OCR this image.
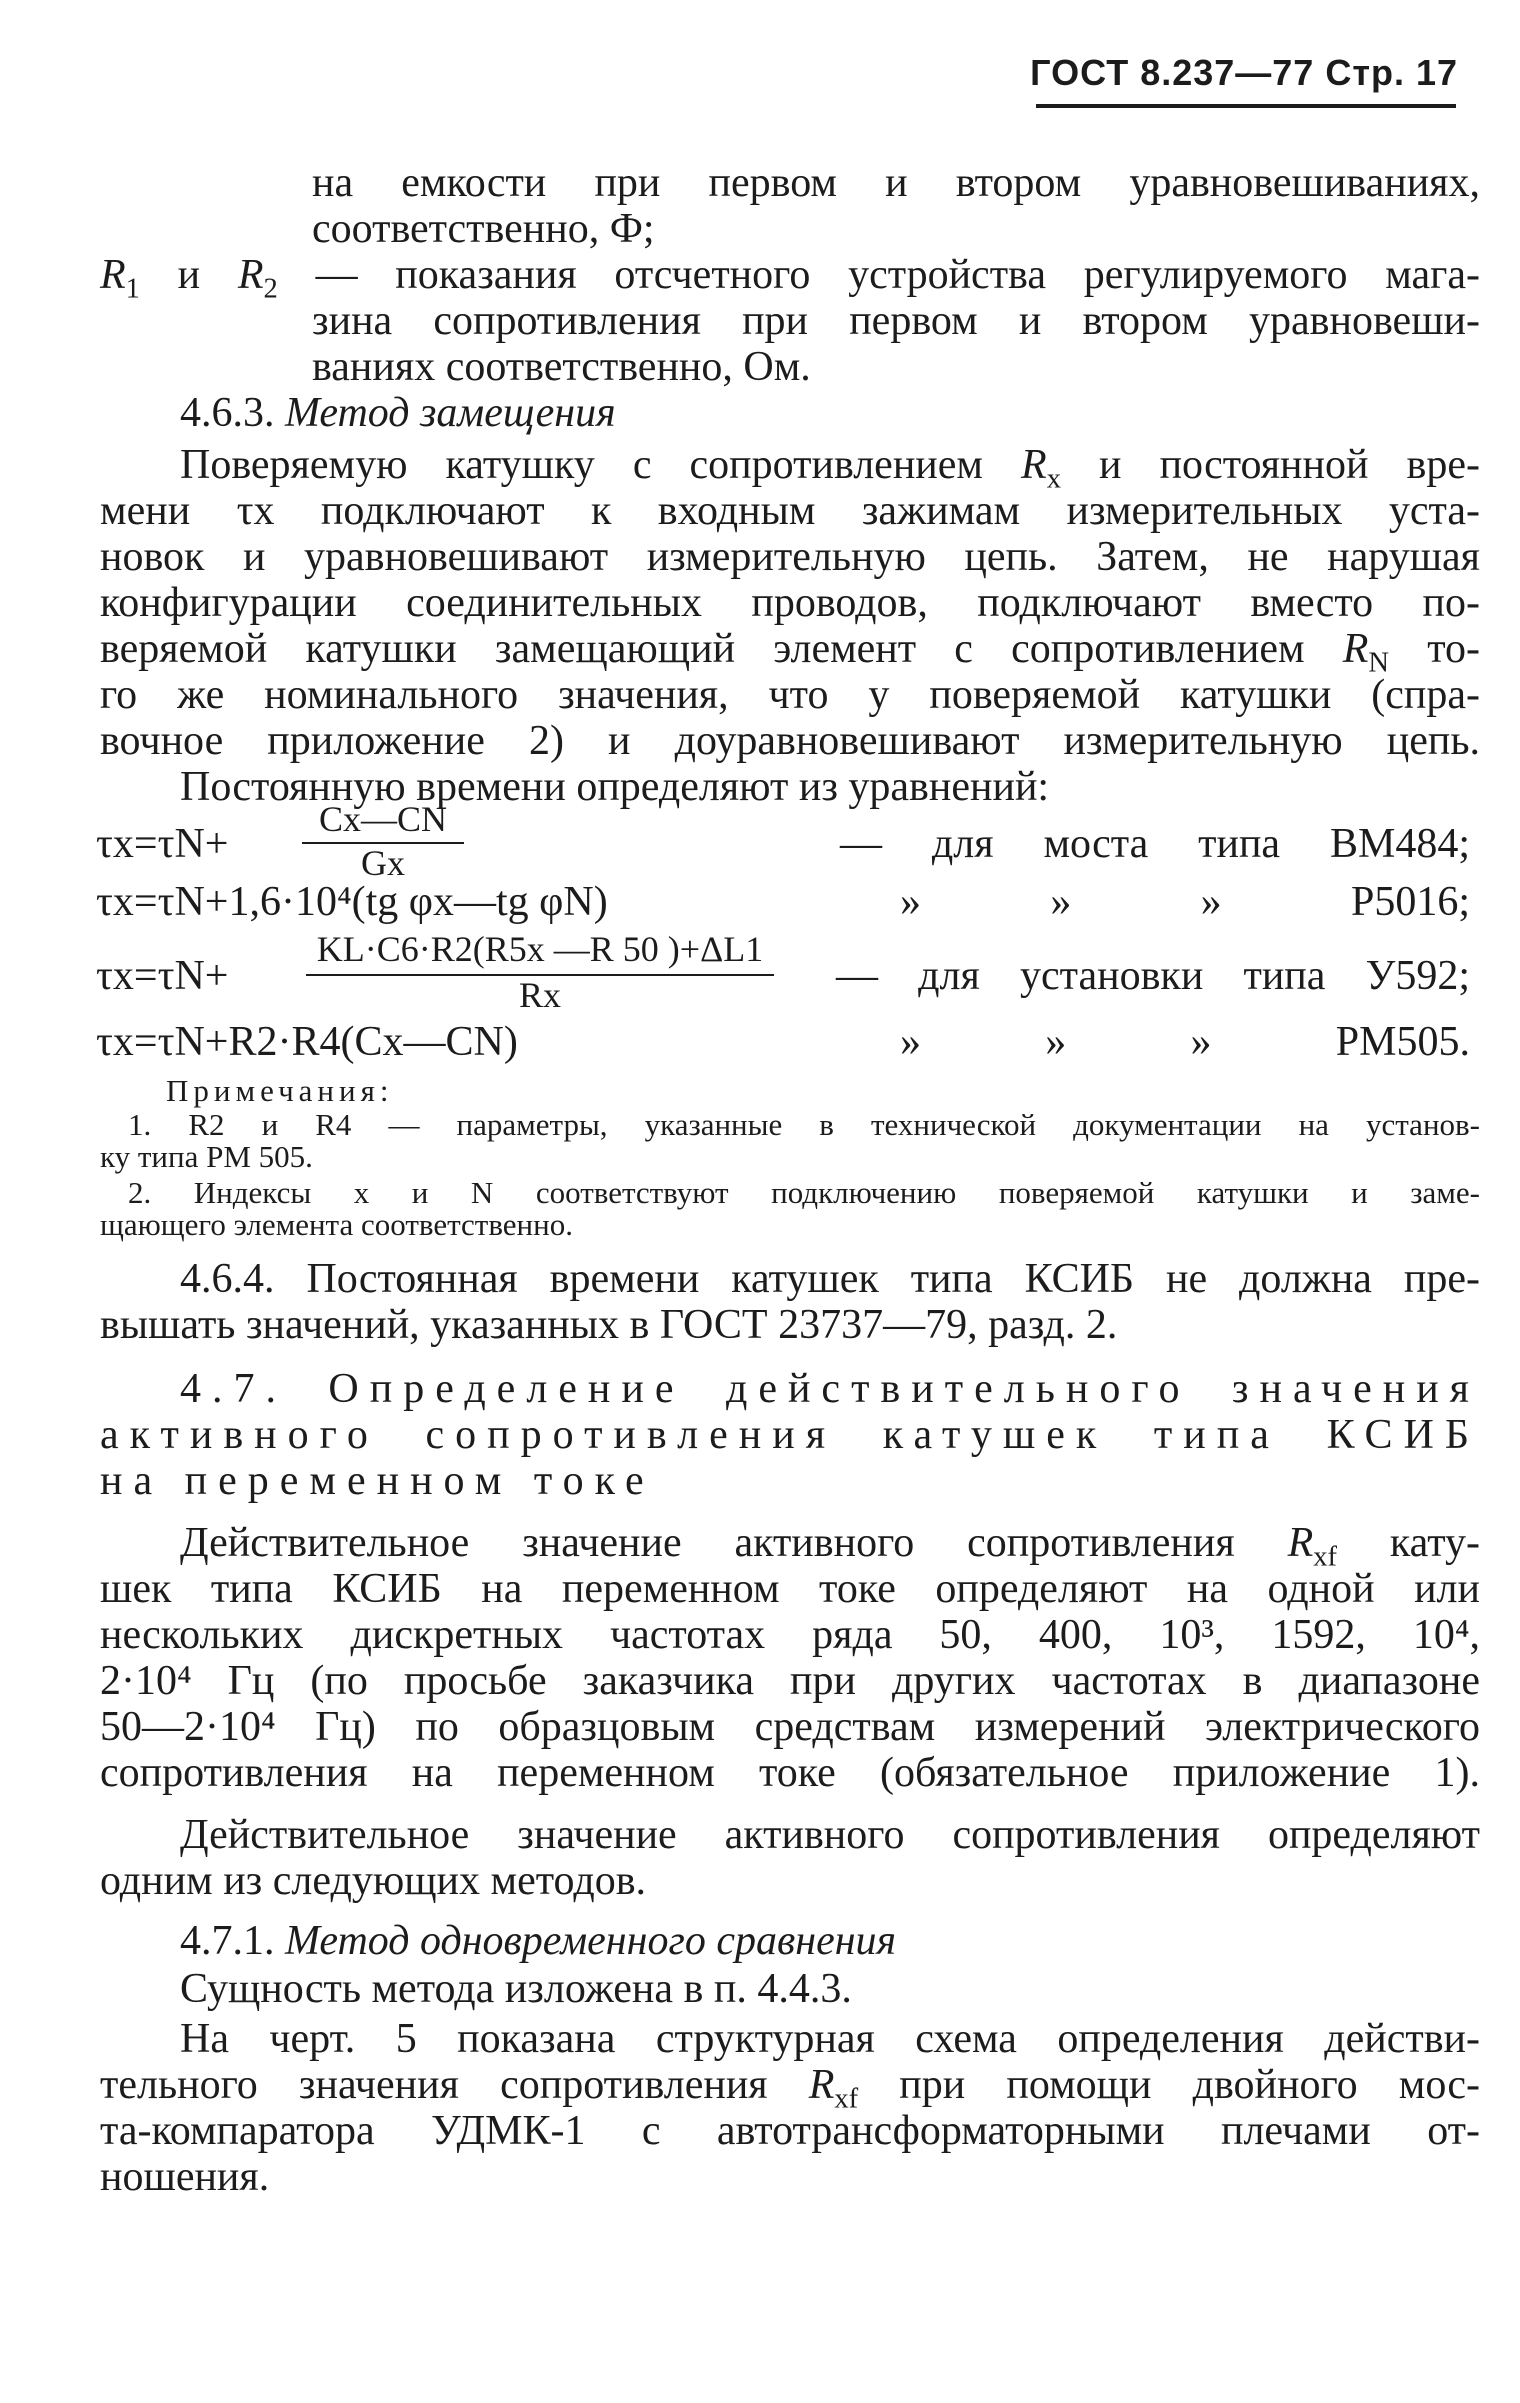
ГОСТ 8.237—77 Стр. 17
на емкости при первом и втором уравновешиваниях,
соответственно, Ф;
$R_1$ и $R_2$ — показания отсчетного устройства регулируемого мага-
зина сопротивления при первом и втором уравновеши-
ваниях соответственно, Ом.
4.6.3. Метод замещения
Поверяемую катушку с сопротивлением $R_x$ и постоянной вре-
мени τx подключают к входным зажимам измерительных уста-
новок и уравновешивают измерительную цепь. Затем, не нарушая
конфигурации соединительных проводов, подключают вместо по-
веряемой катушки замещающий элемент с сопротивлением $R_N$ то-
го же номинального значения, что у поверяемой катушки (спра-
вочное приложение 2) и доуравновешивают измерительную цепь.
Постоянную времени определяют из уравнений:
τx=τN+
Cx—CN
Gx	— для моста типа ВМ484;
τx=τN+1,6·10⁴(tg φx—tg φN)	» » » Р5016;
τx=τN+
KL·C6·R2(R5x —R 50 )+ΔL1
Rx	— для установки типа У592;
τx=τN+R2·R4(Cx—CN)	» » » РМ505.
Примечания:
1. R2 и R4 — параметры, указанные в технической документации на установ-
ку типа РМ 505.
2. Индексы x и N соответствуют подключению поверяемой катушки и заме-
щающего элемента соответственно.
4.6.4. Постоянная времени катушек типа КСИБ не должна пре-
вышать значений, указанных в ГОСТ 23737—79, разд. 2.
4.7. Определение действительного значения
активного сопротивления катушек типа КСИБ
на переменном токе
Действительное значение активного сопротивления $R_{xf}$ кату-
шек типа КСИБ на переменном токе определяют на одной или
нескольких дискретных частотах ряда 50, 400, 10³, 1592, 10⁴,
2·10⁴ Гц (по просьбе заказчика при других частотах в диапазоне
50—2·10⁴ Гц) по образцовым средствам измерений электрического
сопротивления на переменном токе (обязательное приложение 1).
Действительное значение активного сопротивления определяют
одним из следующих методов.
4.7.1. Метод одновременного сравнения
Сущность метода изложена в п. 4.4.3.
На черт. 5 показана структурная схема определения действи-
тельного значения сопротивления $R_{xf}$ при помощи двойного мос-
та-компаратора УДМК-1 с автотрансформаторными плечами от-
ношения.
